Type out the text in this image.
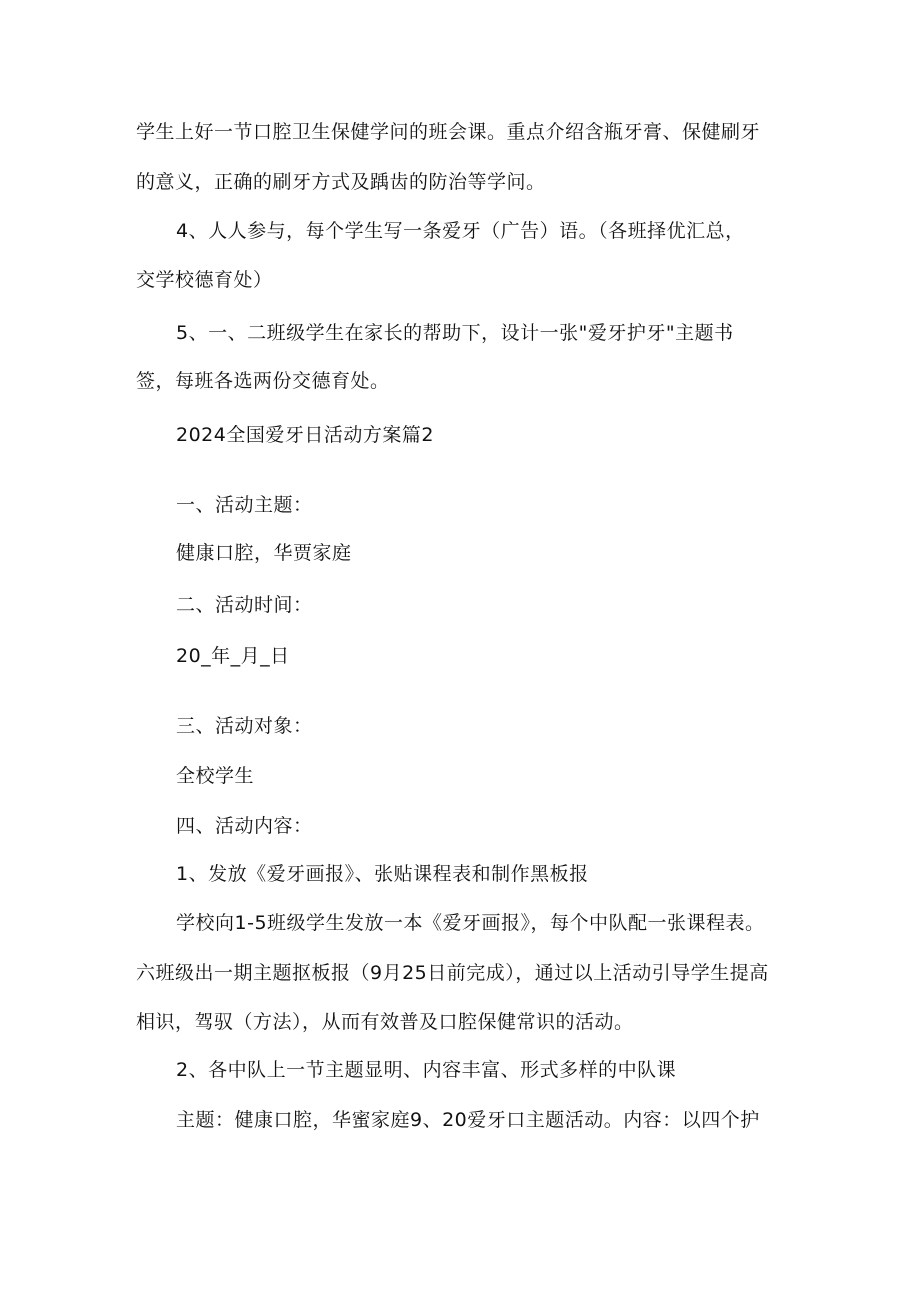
学生上好一节口腔卫生保健学问的班会课。重点介绍含瓶牙膏、保健刷牙
的意义，正确的刷牙方式及踽齿的防治等学问。
4、人人参与，每个学生写一条爱牙（广告）语。（各班择优汇总，
交学校德育处）
5、一、二班级学生在家长的帮助下，设计一张"爱牙护牙"主题书
签，每班各选两份交德育处。
2024全国爱牙日活动方案篇2
一、活动主题：
健康口腔，华贾家庭
二、活动时间：
20_年_月_日
三、活动对象：
全校学生
四、活动内容：
1、发放《爱牙画报》、张贴课程表和制作黑板报
学校向1-5班级学生发放一本《爱牙画报》，每个中队配一张课程表。
六班级出一期主题抠板报（9月25日前完成），通过以上活动引导学生提高
相识，驾驭（方法），从而有效普及口腔保健常识的活动。
2、各中队上一节主题显明、内容丰富、形式多样的中队课
主题：健康口腔，华蜜家庭9、20爱牙口主题活动。内容：以四个护
